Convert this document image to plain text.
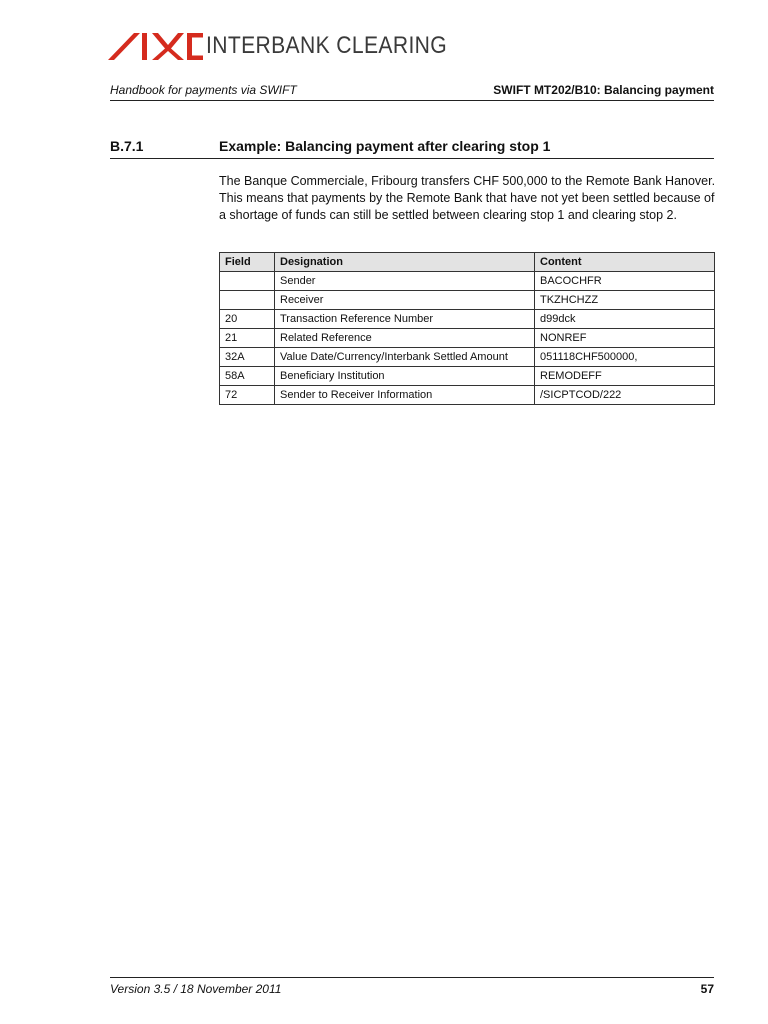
INTERBANK CLEARING
Handbook for payments via SWIFT	SWIFT MT202/B10: Balancing payment
B.7.1	Example: Balancing payment after clearing stop 1

The Banque Commerciale, Fribourg transfers CHF 500,000 to the Remote Bank Hanover. This means that payments by the Remote Bank that have not yet been settled because of a shortage of funds can still be settled between clearing stop 1 and clearing stop 2.

Field	Designation	Content
	Sender	BACOCHFR
	Receiver	TKZHCHZZ
20	Transaction Reference Number	d99dck
21	Related Reference	NONREF
32A	Value Date/Currency/Interbank Settled Amount	051118CHF500000,
58A	Beneficiary Institution	REMODEFF
72	Sender to Receiver Information	/SICPTCOD/222
Version 3.5 / 18 November 2011	57
